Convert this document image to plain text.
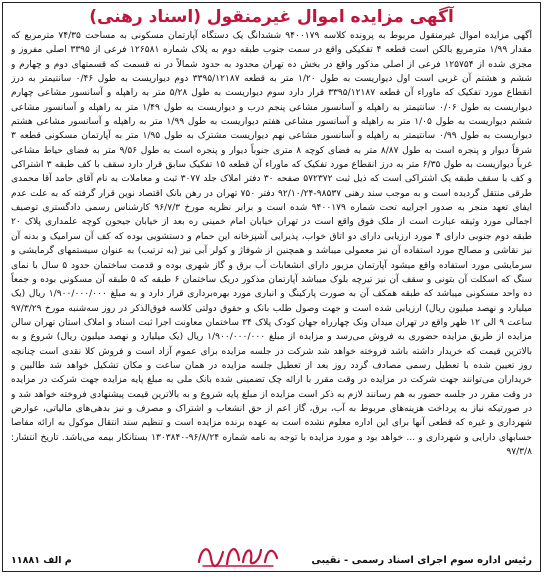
آگهی مزایده اموال غیرمنقول (اسناد رهنی)
آگهی مزایده اموال غیرمنقول مربوط به پرونده کلاسه ۹۴۰۰۱۷۹ ششدانگ یک دستگاه آپارتمان مسکونی به مساحت ۷۴/۳۵ مترمربع که مقدار ۱/۹۹ مترمربع بالکن است قطعه ۴ تفکیکی واقع در سمت جنوب طبقه دوم به پلاک شماره ۱۲۶۵۸۱ فرعی از ۳۳۹۵ اصلی مفروز و مجزی شده از ۱۲۵۷۵۴ فرعی از اصلی مذکور واقع در بخش ده تهران محدود به حدود شمالاً در نه قسمت که قسمتهای دوم و چهارم و ششم و هشتم آن غربی است اول دیواریست به طول ۱/۲۰ متر به قطعه ۳۳۹۵/۱۲۱۸۷ دوم دیواریست به طول ۰/۴۶ سانتیمتر به درز انقطاع مورد تفکیک که ماوراء آن قطعه ۳۳۹۵/۱۲۱۸۷ قرار دارد سوم دیواریست به طول ۵/۲۸ متر به راهپله و آسانسور مشاعی چهارم دیواریست به طول ۰/۰۶ سانتیمتر به راهپله و آسانسور مشاعی پنجم درب و دیواریست به طول ۱/۴۹ متر به راهپله و آسانسور مشاعی ششم دیواریست به طول ۱/۰۵ متر به راهپله و آسانسور مشاعی هفتم دیواریست به طول ۱/۹۹ متر به راهپله و آسانسور مشاعی هشتم دیواریست به طول ۰/۹۹ سانتیمتر به راهپله و آسانسور مشاعی نهم دیواریست مشترک به طول ۱/۹۵ متر به آپارتمان مسکونی قطعه ۳ شرقاً دیوار و پنجره است به طول ۸/۸۷ متر به فضای کوچه ۸ متری جنوباً دیوار و پنجره است به طول ۹/۵۶ متر به فضای حیاط مشاعی غرباً دیواریست به طول ۶/۳۵ متر به درز انقطاع مورد تفکیک که ماوراء آن قطعه ۱۵ تفکیک سابق قرار دارد سقف با کف طبقه ۳ اشتراکی و کف با سقف طبقه یک اشتراکی است که ذیل ثبت ۵۷۲۳۷۲ صفحه ۳۰ دفتر املاک جلد ۳۰۷۷ ثبت و معاملات به نام آقای حامد آقا محمدی طرقی منتقل گردیده است و به موجب سند رهنی ۹۸۵۳۷-۹۲/۱۰/۲۴ دفتر ۷۵۰ تهران در رهن بانک اقتصاد نوین قرار گرفته که به علت عدم ایفای تعهد منجر به صدور اجراییه تحت شماره ۹۴۰۰۱۷۹ شده است و برابر نظریه مورخ ۹۶/۷/۳ کارشناس رسمی دادگستری توصیف اجمالی مورد وثیقه عبارت است از ملک فوق واقع است در تهران خیابان امام خمینی ره بعد از خیابان جیحون کوچه علمداری پلاک ۲۰ طبقه دوم جنوبی دارای ۴ مورد ارزیابی دارای دو اتاق خواب، پذیرایی آشپزخانه این حمام و دستشویی بوده که کف آن سرامیک و بدنه آن نیز نقاشی و مصالح مورد استفاده آن نیز معمولی میباشد و همچنین از شوفاژ و کولر آبی نیز (به ترتیب) به عنوان سیستمهای گرمایشی و سرمایشی مورد استفاده واقع میشود آپارتمان مزبور دارای انشعابات آب برق و گاز شهری بوده و قدمت ساختمان حدود ۵ سال با نمای سنگ که اسکلت آن بتونی و سقف آن نیز تیرچه بلوک میباشد آپارتمان مذکور دریک ساختمان ۶ طبقه که ۵ طبقه آن مسکونی بوده و جمعاً ده واحد مسکونی میباشد که طبقه همکف آن به صورت پارکینگ و انباری مورد بهره‌برداری قرار دارد و به مبلغ ۱/۹۰۰/۰۰۰/۰۰۰ ریال (یک میلیارد و نهصد میلیون ریال) ارزیابی شده است و جهت وصول طلب بانک و حقوق دولتی کلاسه فوق‌الذکر در روز سه‌شنبه مورخ ۹۷/۳/۲۹ ساعت ۹ الی ۱۲ ظهر واقع در تهران میدان ونک چهارراه جهان کودک پلاک ۳۴ ساختمان معاونت اجرا ثبت اسناد و املاک استان تهران سالن مزایده از طریق مزایده حضوری به فروش می‌رسد و مزایده از مبلغ ۱/۹۰۰/۰۰۰/۰۰۰ ریال (یک میلیارد و نهصد میلیون ریال) شروع و به بالاترین قیمت که خریدار داشته باشد فروخته خواهد شد شرکت در جلسه مزایده برای عموم آزاد است و فروش کلا نقدی است چنانچه روز تعیین شده با تعطیل رسمی مصادف گردد روز بعد از تعطیل جلسه مزایده در همان ساعت و مکان تشکیل خواهد شد طالبین و خریداران می‌توانند جهت شرکت در مزایده در وقت مقرر با ارائه چک تضمینی شده بانک ملی به مبلغ پایه مزایده جهت شرکت در مزایده در وقت مقرر در جلسه حضور به هم رسانند لازم به ذکر است مزایده از مبلغ پایه شروع و به بالاترین قیمت پیشنهادی فروخته خواهد شد و در صورتیکه نیاز به پرداخت هزینه‌های مربوط به آب، برق، گاز اعم از حق انشعاب و اشتراک و مصرف و نیز بدهی‌های مالیاتی، عوارض شهرداری و غیره که قطعی آنها برای این اداره معلوم نشده است به عهده برنده مزایده است و تنظیم سند انتقال موکول به ارائه مفاصا حسابهای دارایی و شهرداری و ... خواهد بود و مورد مزایده با توجه به نامه شماره ۹۶/۸/۲۴-۱۳۰۳۸۴۰ بستانکار بیمه می‌باشد. تاریخ انتشار: ۹۷/۳/۸
رئیس اداره سوم اجرای اسناد رسمی - نقیبی
م الف ۱۱۸۸۱
